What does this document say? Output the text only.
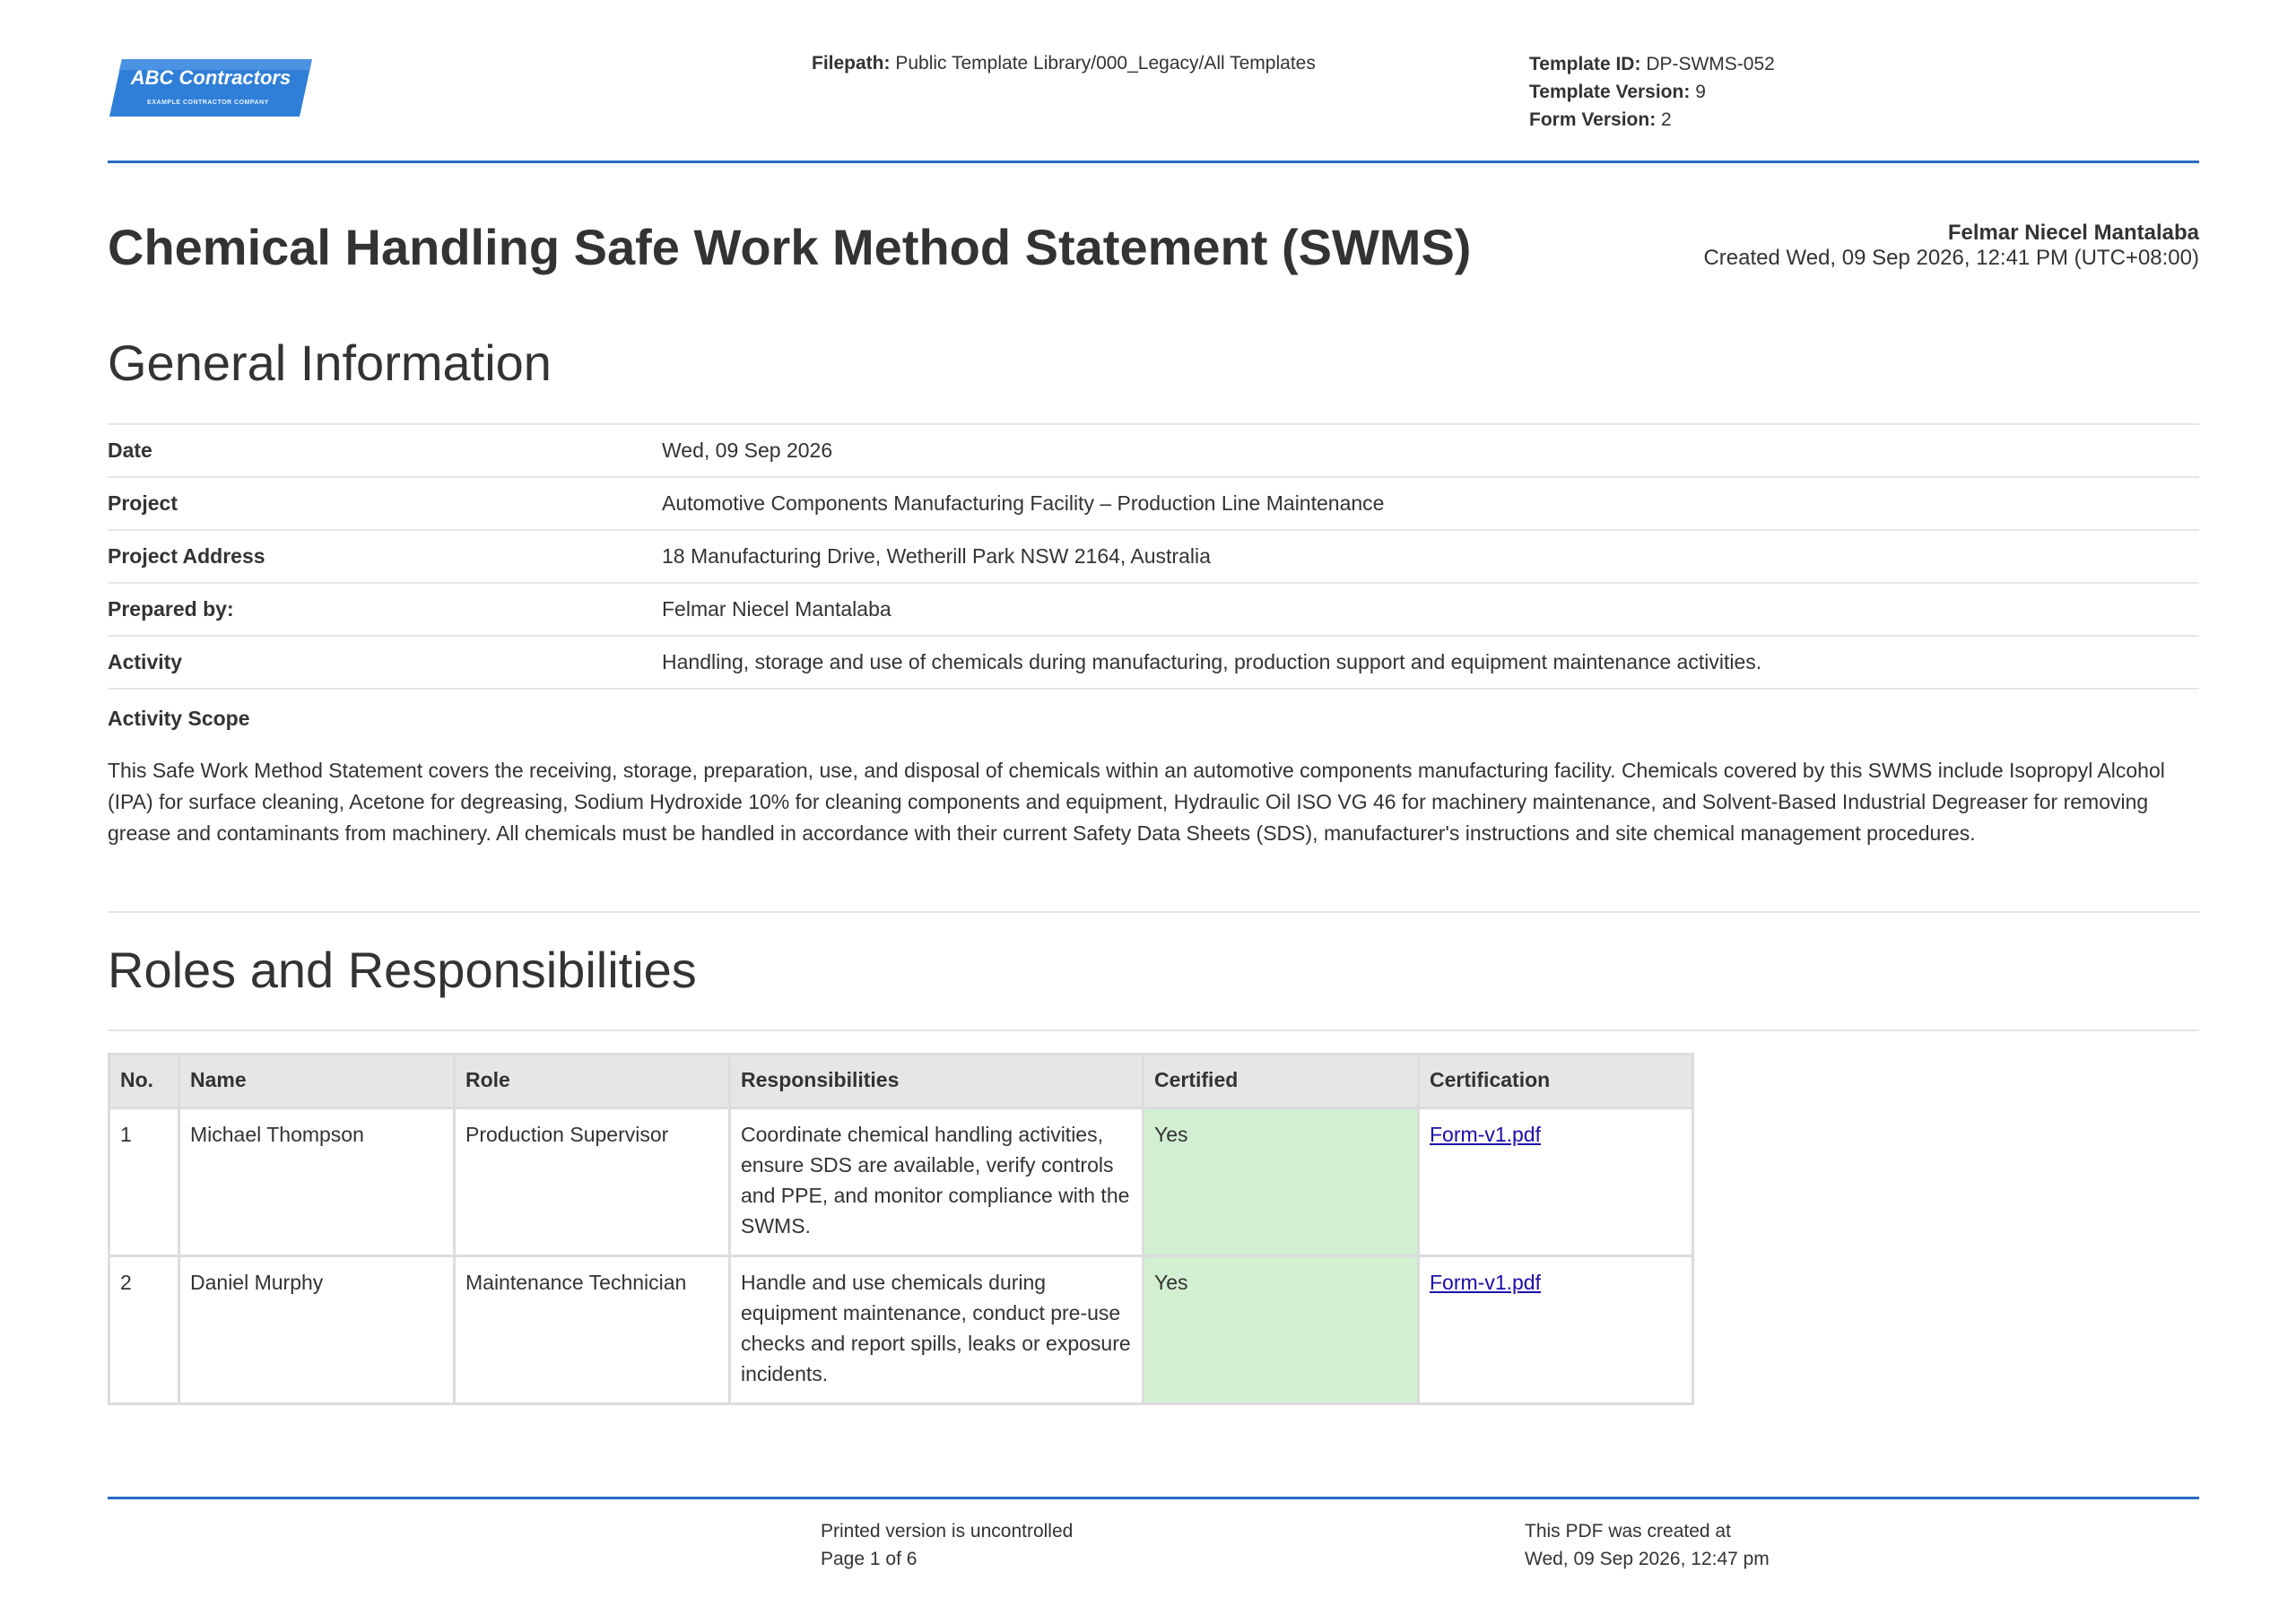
ABC Contractors
EXAMPLE CONTRACTOR COMPANY
Filepath: Public Template Library/000_Legacy/All Templates	Template ID: DP-SWMS-052
Template Version: 9
Form Version: 2
Chemical Handling Safe Work Method Statement (SWMS)	Felmar Niecel Mantalaba
Created Wed, 09 Sep 2026, 12:41 PM (UTC+08:00)
General Information
Date	Wed, 09 Sep 2026
Project	Automotive Components Manufacturing Facility – Production Line Maintenance
Project Address	18 Manufacturing Drive, Wetherill Park NSW 2164, Australia
Prepared by:	Felmar Niecel Mantalaba
Activity	Handling, storage and use of chemicals during manufacturing, production support and equipment maintenance activities.
Activity Scope

This Safe Work Method Statement covers the receiving, storage, preparation, use, and disposal of chemicals within an automotive components manufacturing facility. Chemicals covered by this SWMS include Isopropyl Alcohol (IPA) for surface cleaning, Acetone for degreasing, Sodium Hydroxide 10% for cleaning components and equipment, Hydraulic Oil ISO VG 46 for machinery maintenance, and Solvent-Based Industrial Degreaser for removing grease and contaminants from machinery. All chemicals must be handled in accordance with their current Safety Data Sheets (SDS), manufacturer's instructions and site chemical management procedures.

Roles and Responsibilities
No.	Name	Role	Responsibilities	Certified	Certification
1	Michael Thompson	Production Supervisor	Coordinate chemical handling activities, ensure SDS are available, verify controls and PPE, and monitor compliance with the SWMS.	Yes	Form-v1.pdf
2	Daniel Murphy	Maintenance Technician	Handle and use chemicals during equipment maintenance, conduct pre-use checks and report spills, leaks or exposure incidents.	Yes	Form-v1.pdf
Printed version is uncontrolled
Page 1 of 6
This PDF was created at
Wed, 09 Sep 2026, 12:47 pm
